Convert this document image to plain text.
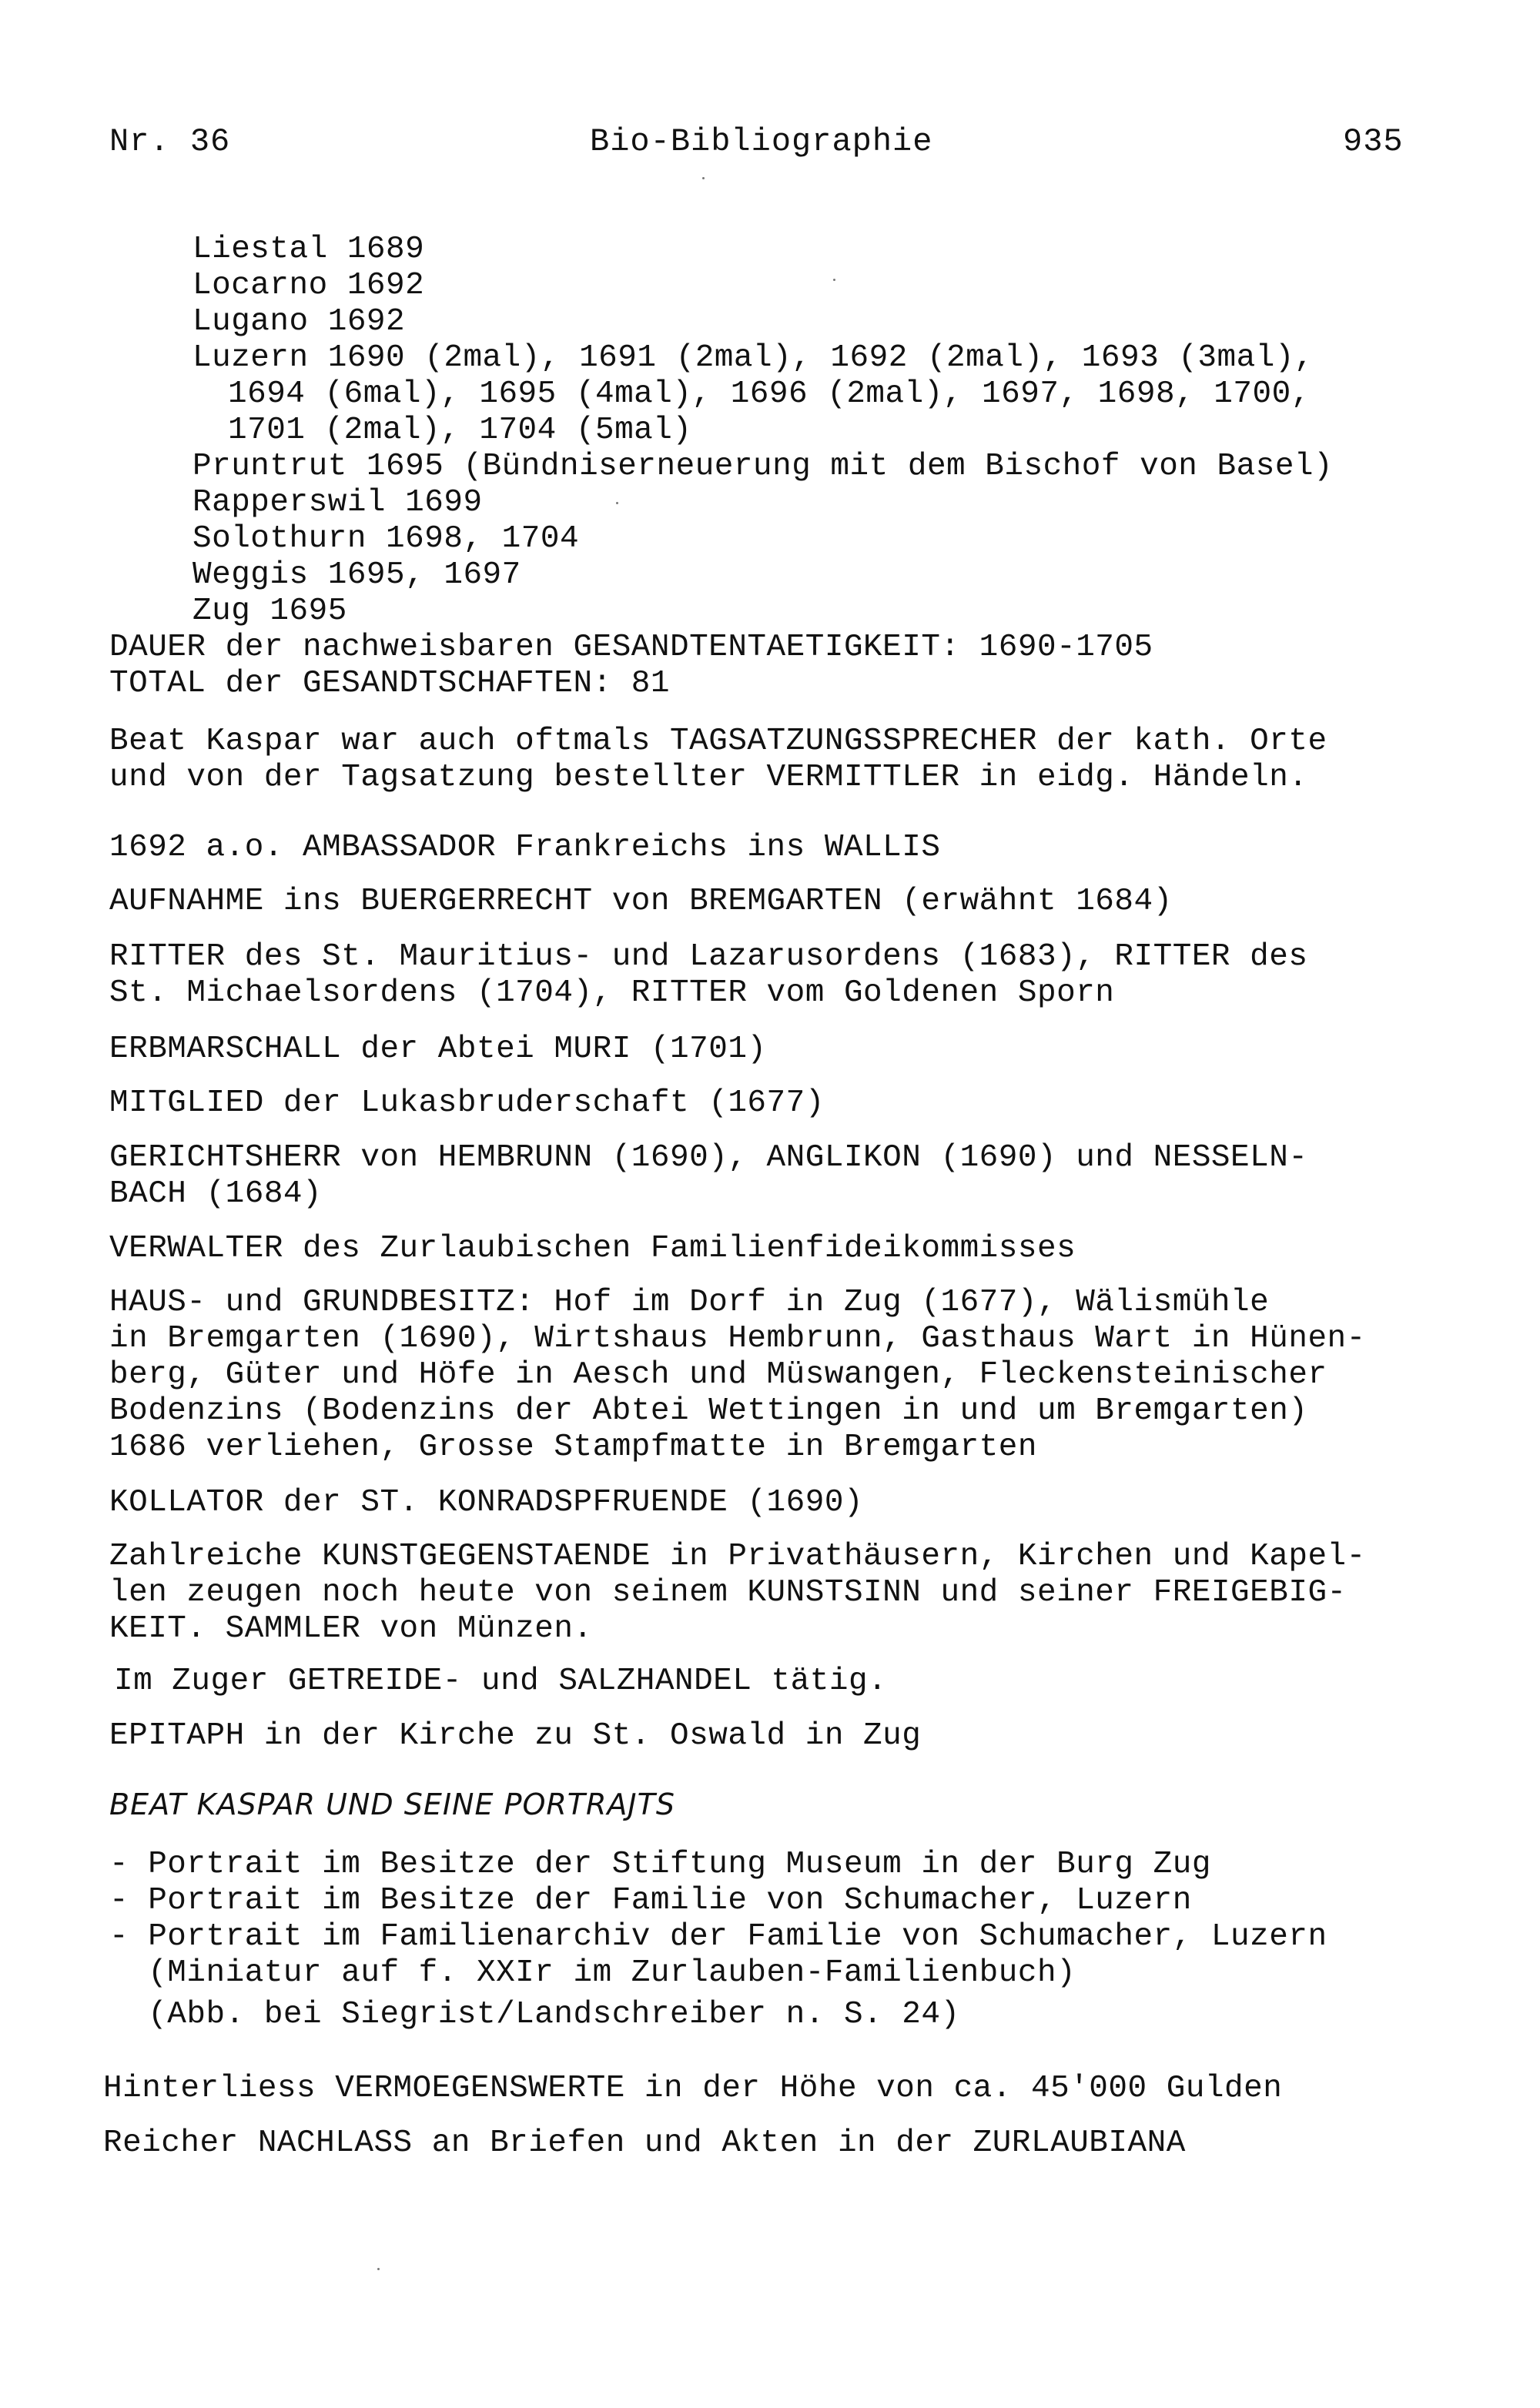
Nr. 36	Bio-Bibliographie	935
Liestal 1689
Locarno 1692
Lugano 1692
Luzern 1690 (2mal), 1691 (2mal), 1692 (2mal), 1693 (3mal),
1694 (6mal), 1695 (4mal), 1696 (2mal), 1697, 1698, 1700,
1701 (2mal), 1704 (5mal)
Pruntrut 1695 (Bündniserneuerung mit dem Bischof von Basel)
Rapperswil 1699
Solothurn 1698, 1704
Weggis 1695, 1697
Zug 1695
DAUER der nachweisbaren GESANDTENTAETIGKEIT: 1690-1705
TOTAL der GESANDTSCHAFTEN: 81
Beat Kaspar war auch oftmals TAGSATZUNGSSPRECHER der kath. Orte
und von der Tagsatzung bestellter VERMITTLER in eidg. Händeln.
1692 a.o. AMBASSADOR Frankreichs ins WALLIS
AUFNAHME ins BUERGERRECHT von BREMGARTEN (erwähnt 1684)
RITTER des St. Mauritius- und Lazarusordens (1683), RITTER des
St. Michaelsordens (1704), RITTER vom Goldenen Sporn
ERBMARSCHALL der Abtei MURI (1701)
MITGLIED der Lukasbruderschaft (1677)
GERICHTSHERR von HEMBRUNN (1690), ANGLIKON (1690) und NESSELN-
BACH (1684)
VERWALTER des Zurlaubischen Familienfideikommisses
HAUS- und GRUNDBESITZ: Hof im Dorf in Zug (1677), Wälismühle
in Bremgarten (1690), Wirtshaus Hembrunn, Gasthaus Wart in Hünen-
berg, Güter und Höfe in Aesch und Müswangen, Fleckensteinischer
Bodenzins (Bodenzins der Abtei Wettingen in und um Bremgarten)
1686 verliehen, Grosse Stampfmatte in Bremgarten
KOLLATOR der ST. KONRADSPFRUENDE (1690)
Zahlreiche KUNSTGEGENSTAENDE in Privathäusern, Kirchen und Kapel-
len zeugen noch heute von seinem KUNSTSINN und seiner FREIGEBIG-
KEIT. SAMMLER von Münzen.
Im Zuger GETREIDE- und SALZHANDEL tätig.
EPITAPH in der Kirche zu St. Oswald in Zug
BEAT KASPAR UND SEINE PORTRAJTS
- Portrait im Besitze der Stiftung Museum in der Burg Zug
- Portrait im Besitze der Familie von Schumacher, Luzern
- Portrait im Familienarchiv der Familie von Schumacher, Luzern
(Miniatur auf f. XXIr im Zurlauben-Familienbuch)
(Abb. bei Siegrist/Landschreiber n. S. 24)
Hinterliess VERMOEGENSWERTE in der Höhe von ca. 45'000 Gulden
Reicher NACHLASS an Briefen und Akten in der ZURLAUBIANA
